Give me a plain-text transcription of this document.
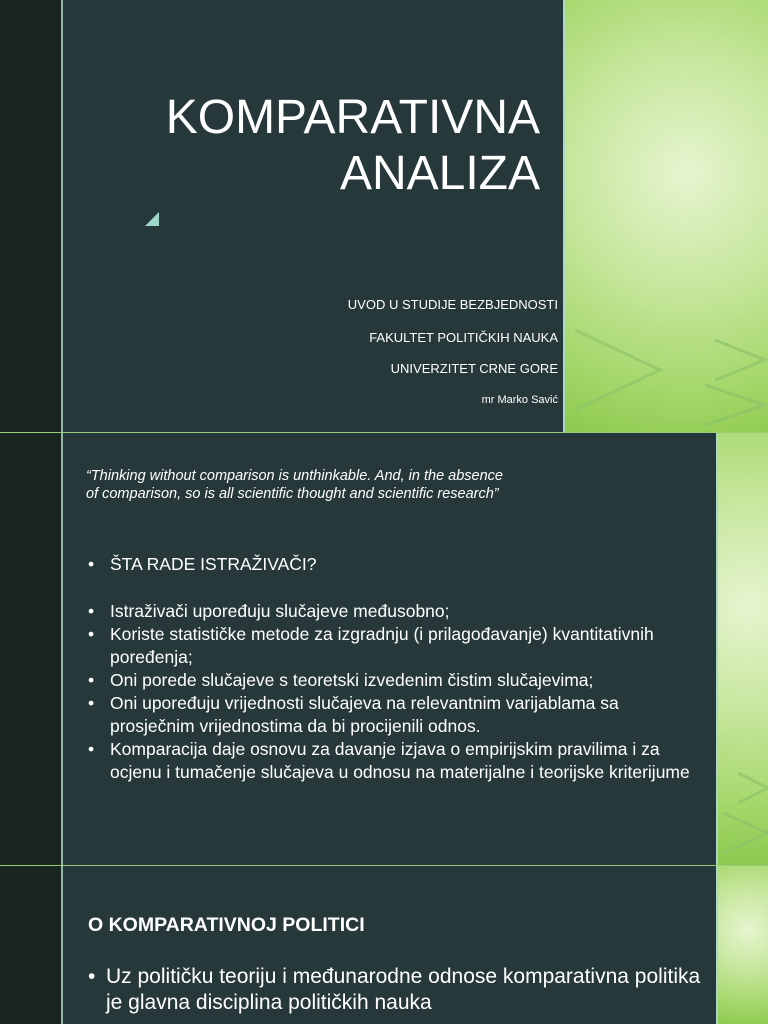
KOMPARATIVNA
ANALIZA
UVOD U STUDIJE BEZBJEDNOSTI
FAKULTET POLITIČKIH NAUKA
UNIVERZITET CRNE GORE
mr Marko Savić
“Thinking without comparison is unthinkable. And, in the absence of comparison, so is all scientific thought and scientific research”
• ŠTA RADE ISTRAŽIVAČI?
• Istraživači upoređuju slučajeve međusobno;
• Koriste statističke metode za izgradnju (i prilagođavanje) kvantitativnih poređenja;
• Oni porede slučajeve s teoretski izvedenim čistim slučajevima;
• Oni upoređuju vrijednosti slučajeva na relevantnim varijablama sa prosječnim vrijednostima da bi procijenili odnos.
• Komparacija daje osnovu za davanje izjava o empirijskim pravilima i za ocjenu i tumačenje slučajeva u odnosu na materijalne i teorijske kriterijume
O KOMPARATIVNOJ POLITICI
• Uz političku teoriju i međunarodne odnose komparativna politika je glavna disciplina političkih nauka
